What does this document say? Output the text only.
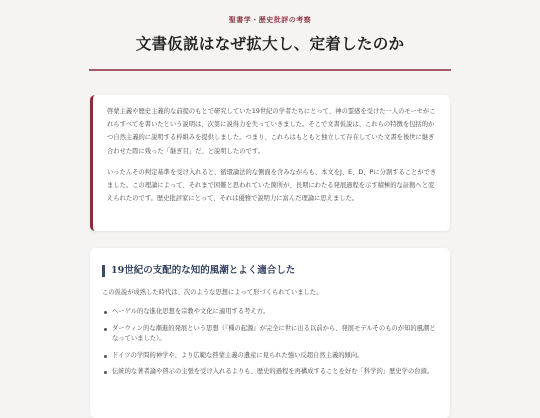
聖書学・歴史批評の考察
文書仮説はなぜ拡大し、定着したのか

啓蒙主義や歴史主義的な前提のもとで研究していた19世紀の学者たちにとって、神の霊感を受けた一人のモーセがこれらすべてを書いたという説明は、次第に説得力を失っていきました。そこで文書仮説は、これらの特徴を包括的かつ自然主義的に説明する枠組みを提供しました。つまり、これらはもともと独立して存在していた文書を後世に継ぎ合わせた際に残った「継ぎ目」だ、と説明したのです。

いったんその判定基準を受け入れると、循環論法的な側面を含みながらも、本文をJ、E、D、Pに分割することができました。この理論によって、それまで困難と思われていた箇所が、長期にわたる発展過程を示す積極的な証拠へと変えられたのです。歴史批評家にとって、それは優雅で説明力に富んだ理論に思えました。

19世紀の支配的な知的風潮とよく適合した
この仮説が成熟した時代は、次のような思想によって形づくられていました。
ヘーゲル的な進化思想を宗教や文化に適用する考え方。
ダーウィン的な漸進的発展という思想（『種の起源』が完全に世に出る以前から、発展モデルそのものが知的風潮となっていました）。
ドイツの学問的神学や、より広範な啓蒙主義の遺産に見られた強い反超自然主義的傾向。
伝統的な著者論や啓示の主張を受け入れるよりも、歴史的過程を再構成することを好む「科学的」歴史学の台頭。
